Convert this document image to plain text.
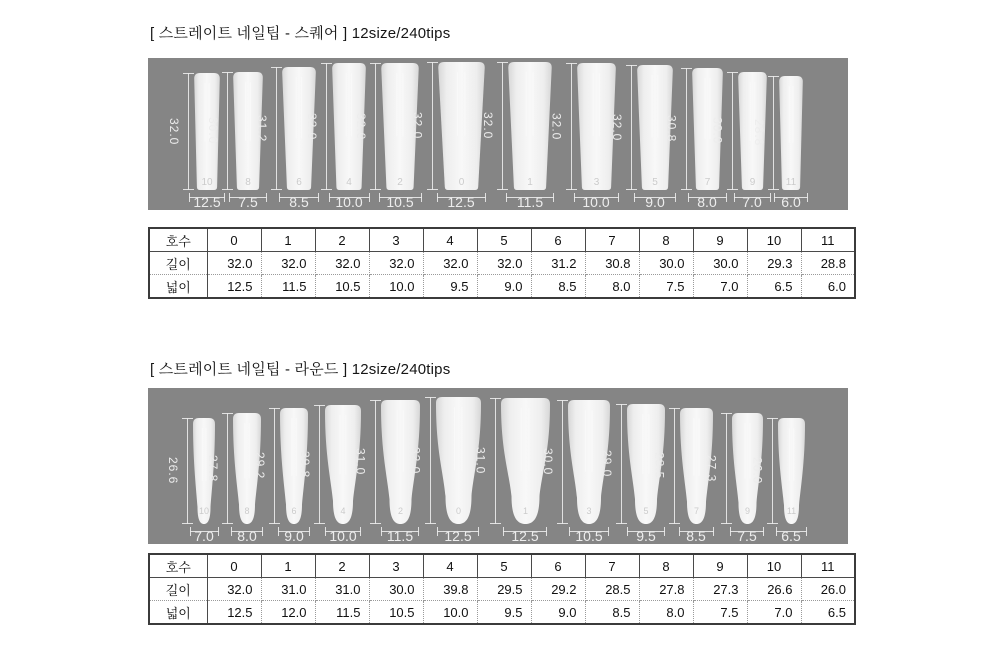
[ 스트레이트 네일팁 - 스퀘어 ] 12size/240tips
32.0
10
12.5
30.0
8
7.5
31.2
6
8.5
32.0
4
10.0
32.0
2
10.5
32.0
0
12.5
32.0
1
11.5
32.0
3
10.0
32.0
5
9.0
30.8
7
8.0
30.0
9
7.0
28.8
11
6.0
호수	0	1	2	3	4	5	6	7	8	9	10	11
길이	32.0	32.0	32.0	32.0	32.0	32.0	31.2	30.8	30.0	30.0	29.3	28.8
넓이	12.5	11.5	10.5	10.0	9.5	9.0	8.5	8.0	7.5	7.0	6.5	6.0
[ 스트레이트 네일팁 - 라운드 ] 12size/240tips
26.6
10
7.0
27.8
8
8.0
29.2
6
9.0
39.8
4
10.0
31.0
2
11.5
32.0
0
12.5
31.0
1
12.5
30.0
3
10.5
29.0
5
9.5
28.5
7
8.5
27.3
9
7.5
26.0
11
6.5
호수	0	1	2	3	4	5	6	7	8	9	10	11
길이	32.0	31.0	31.0	30.0	39.8	29.5	29.2	28.5	27.8	27.3	26.6	26.0
넓이	12.5	12.0	11.5	10.5	10.0	9.5	9.0	8.5	8.0	7.5	7.0	6.5
